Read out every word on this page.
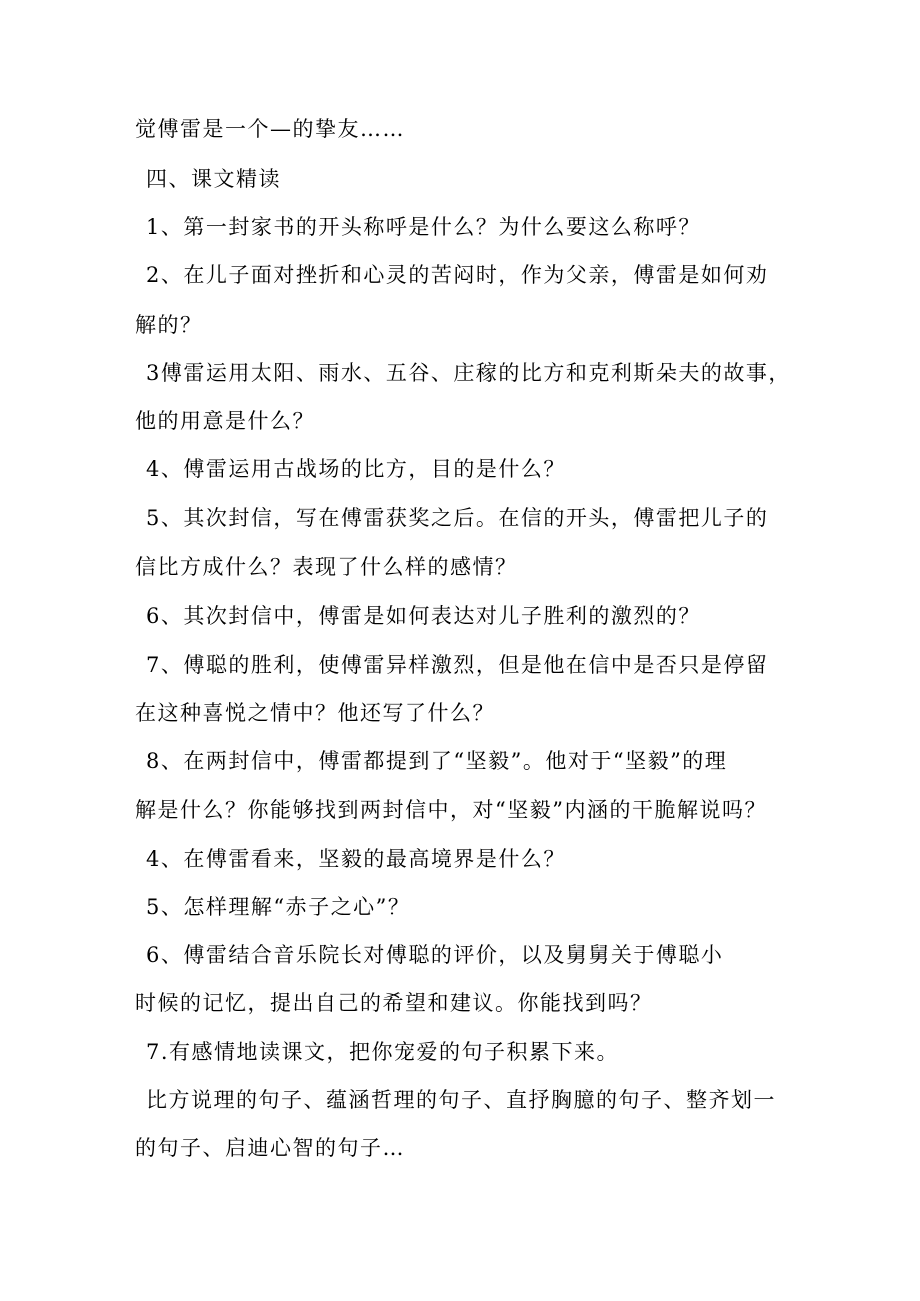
觉傅雷是一个—的挚友……
四、课文精读
1、第一封家书的开头称呼是什么？为什么要这么称呼？
2、在儿子面对挫折和心灵的苦闷时，作为父亲，傅雷是如何劝
解的？
3傅雷运用太阳、雨水、五谷、庄稼的比方和克利斯朵夫的故事，
他的用意是什么？
4、傅雷运用古战场的比方，目的是什么？
5、其次封信，写在傅雷获奖之后。在信的开头，傅雷把儿子的
信比方成什么？表现了什么样的感情？
6、其次封信中，傅雷是如何表达对儿子胜利的激烈的？
7、傅聪的胜利，使傅雷异样激烈，但是他在信中是否只是停留
在这种喜悦之情中？他还写了什么？
8、在两封信中，傅雷都提到了“坚毅”。他对于“坚毅”的理
解是什么？你能够找到两封信中，对“坚毅”内涵的干脆解说吗？
4、在傅雷看来，坚毅的最高境界是什么？
5、怎样理解“赤子之心”？
6、傅雷结合音乐院长对傅聪的评价，以及舅舅关于傅聪小
时候的记忆，提出自己的希望和建议。你能找到吗？
7.有感情地读课文，把你宠爱的句子积累下来。
比方说理的句子、蕴涵哲理的句子、直抒胸臆的句子、整齐划一
的句子、启迪心智的句子…
